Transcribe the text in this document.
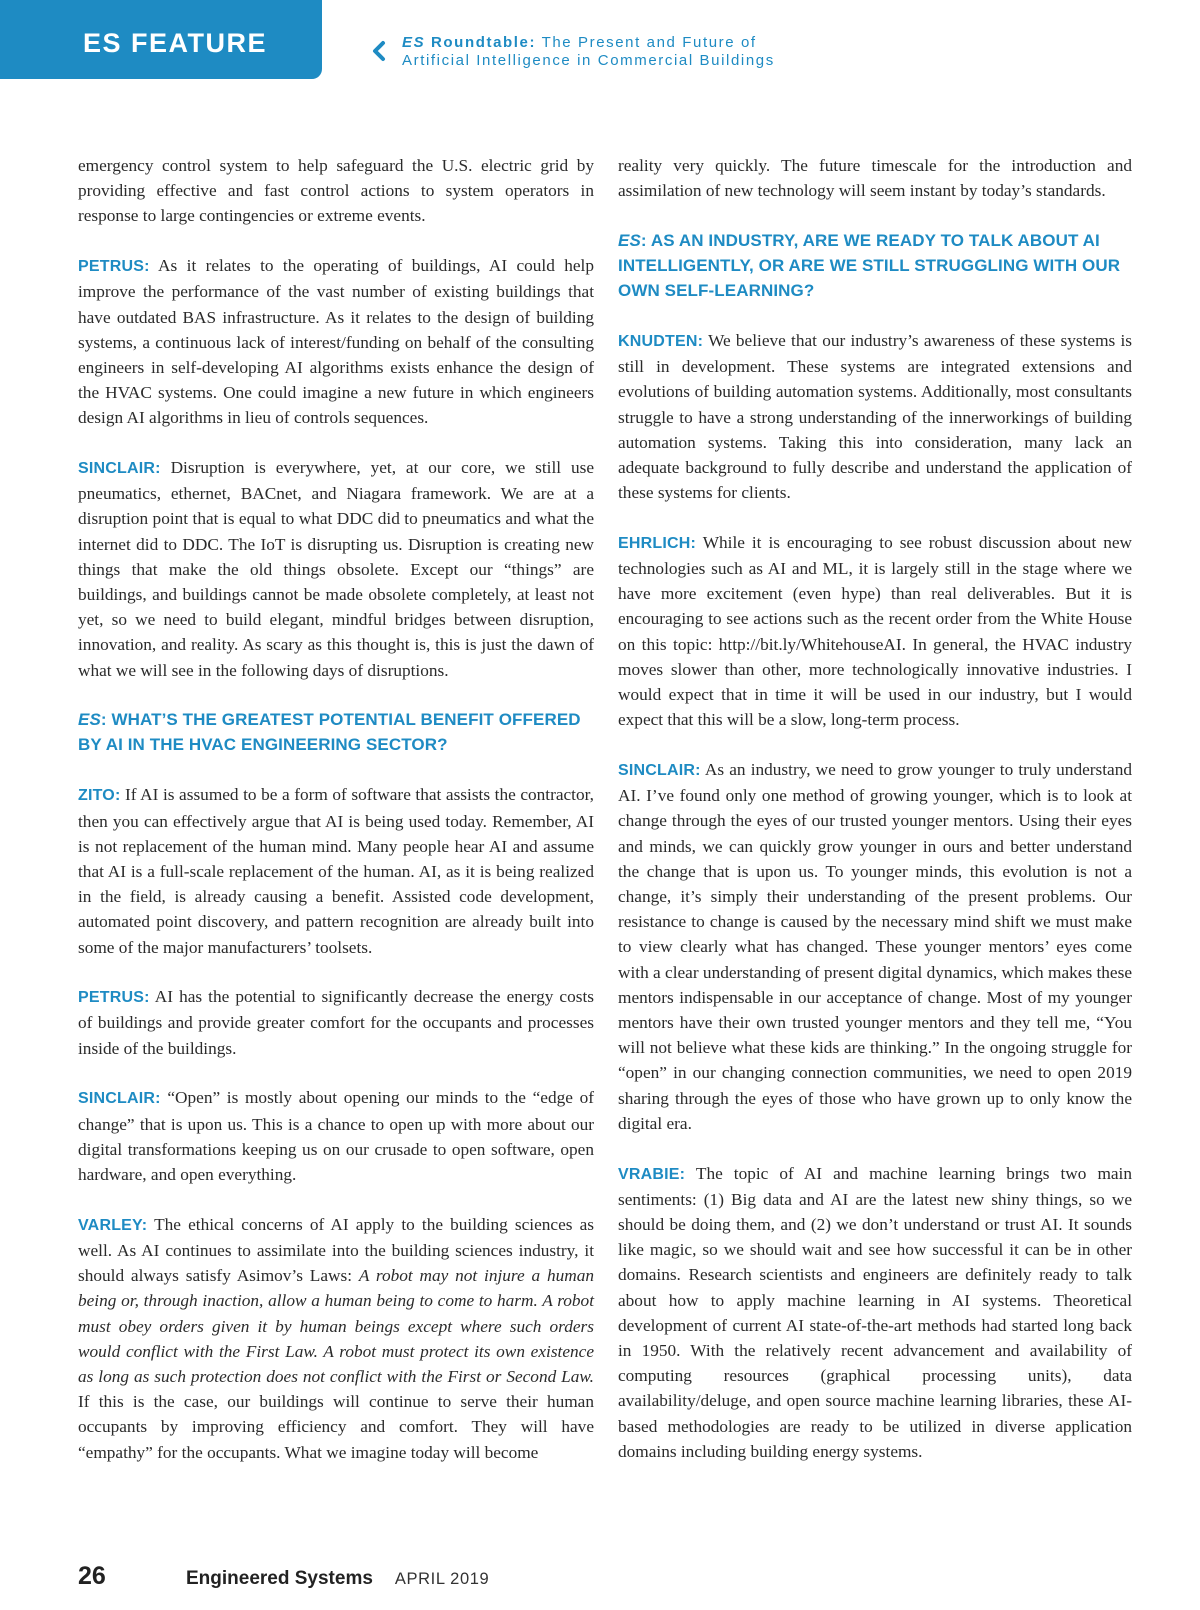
ES FEATURE	ES Roundtable: The Present and Future of
Artificial Intelligence in Commercial Buildings

emergency control system to help safeguard the U.S. electric grid by providing effective and fast control actions to system operators in response to large contingencies or extreme events.

PETRUS: As it relates to the operating of buildings, AI could help improve the performance of the vast number of existing buildings that have outdated BAS infrastructure. As it relates to the design of building systems, a continuous lack of interest/funding on behalf of the consulting engineers in self-developing AI algorithms exists enhance the design of the HVAC systems. One could imagine a new future in which engineers design AI algorithms in lieu of controls sequences.

SINCLAIR: Disruption is everywhere, yet, at our core, we still use pneumatics, ethernet, BACnet, and Niagara framework. We are at a disruption point that is equal to what DDC did to pneumatics and what the internet did to DDC. The IoT is disrupting us. Disruption is creating new things that make the old things obsolete. Except our “things” are buildings, and buildings cannot be made obsolete completely, at least not yet, so we need to build elegant, mindful bridges between disruption, innovation, and reality. As scary as this thought is, this is just the dawn of what we will see in the following days of disruptions.

ES: WHAT’S THE GREATEST POTENTIAL BENEFIT OFFERED BY AI IN THE HVAC ENGINEERING SECTOR?

ZITO: If AI is assumed to be a form of software that assists the contractor, then you can effectively argue that AI is being used today. Remember, AI is not replacement of the human mind. Many people hear AI and assume that AI is a full-scale replacement of the human. AI, as it is being realized in the field, is already causing a benefit. Assisted code development, automated point discovery, and pattern recognition are already built into some of the major manufacturers’ toolsets.

PETRUS: AI has the potential to significantly decrease the energy costs of buildings and provide greater comfort for the occupants and processes inside of the buildings.

SINCLAIR: “Open” is mostly about opening our minds to the “edge of change” that is upon us. This is a chance to open up with more about our digital transformations keeping us on our crusade to open software, open hardware, and open everything.

VARLEY: The ethical concerns of AI apply to the building sciences as well. As AI continues to assimilate into the building sciences industry, it should always satisfy Asimov’s Laws: A robot may not injure a human being or, through inaction, allow a human being to come to harm. A robot must obey orders given it by human beings except where such orders would conflict with the First Law. A robot must protect its own existence as long as such protection does not conflict with the First or Second Law. If this is the case, our buildings will continue to serve their human occupants by improving efficiency and comfort. They will have “empathy” for the occupants. What we imagine today will become

reality very quickly. The future timescale for the introduction and assimilation of new technology will seem instant by today’s standards.

ES: AS AN INDUSTRY, ARE WE READY TO TALK ABOUT AI INTELLIGENTLY, OR ARE WE STILL STRUGGLING WITH OUR OWN SELF-LEARNING?

KNUDTEN: We believe that our industry’s awareness of these systems is still in development. These systems are integrated extensions and evolutions of building automation systems. Additionally, most consultants struggle to have a strong understanding of the innerworkings of building automation systems. Taking this into consideration, many lack an adequate background to fully describe and understand the application of these systems for clients.

EHRLICH: While it is encouraging to see robust discussion about new technologies such as AI and ML, it is largely still in the stage where we have more excitement (even hype) than real deliverables. But it is encouraging to see actions such as the recent order from the White House on this topic: http://bit.ly/WhitehouseAI. In general, the HVAC industry moves slower than other, more technologically innovative industries. I would expect that in time it will be used in our industry, but I would expect that this will be a slow, long-term process.

SINCLAIR: As an industry, we need to grow younger to truly understand AI. I’ve found only one method of growing younger, which is to look at change through the eyes of our trusted younger mentors. Using their eyes and minds, we can quickly grow younger in ours and better understand the change that is upon us. To younger minds, this evolution is not a change, it’s simply their understanding of the present problems. Our resistance to change is caused by the necessary mind shift we must make to view clearly what has changed. These younger mentors’ eyes come with a clear understanding of present digital dynamics, which makes these mentors indispensable in our acceptance of change. Most of my younger mentors have their own trusted younger mentors and they tell me, “You will not believe what these kids are thinking.” In the ongoing struggle for “open” in our changing connection communities, we need to open 2019 sharing through the eyes of those who have grown up to only know the digital era.

VRABIE: The topic of AI and machine learning brings two main sentiments: (1) Big data and AI are the latest new shiny things, so we should be doing them, and (2) we don’t understand or trust AI. It sounds like magic, so we should wait and see how successful it can be in other domains. Research scientists and engineers are definitely ready to talk about how to apply machine learning in AI systems. Theoretical development of current AI state-of-the-art methods had started long back in 1950. With the relatively recent advancement and availability of computing resources (graphical processing units), data availability/deluge, and open source machine learning libraries, these AI-based methodologies are ready to be utilized in diverse application domains including building energy systems.

26	Engineered Systems APRIL 2019
